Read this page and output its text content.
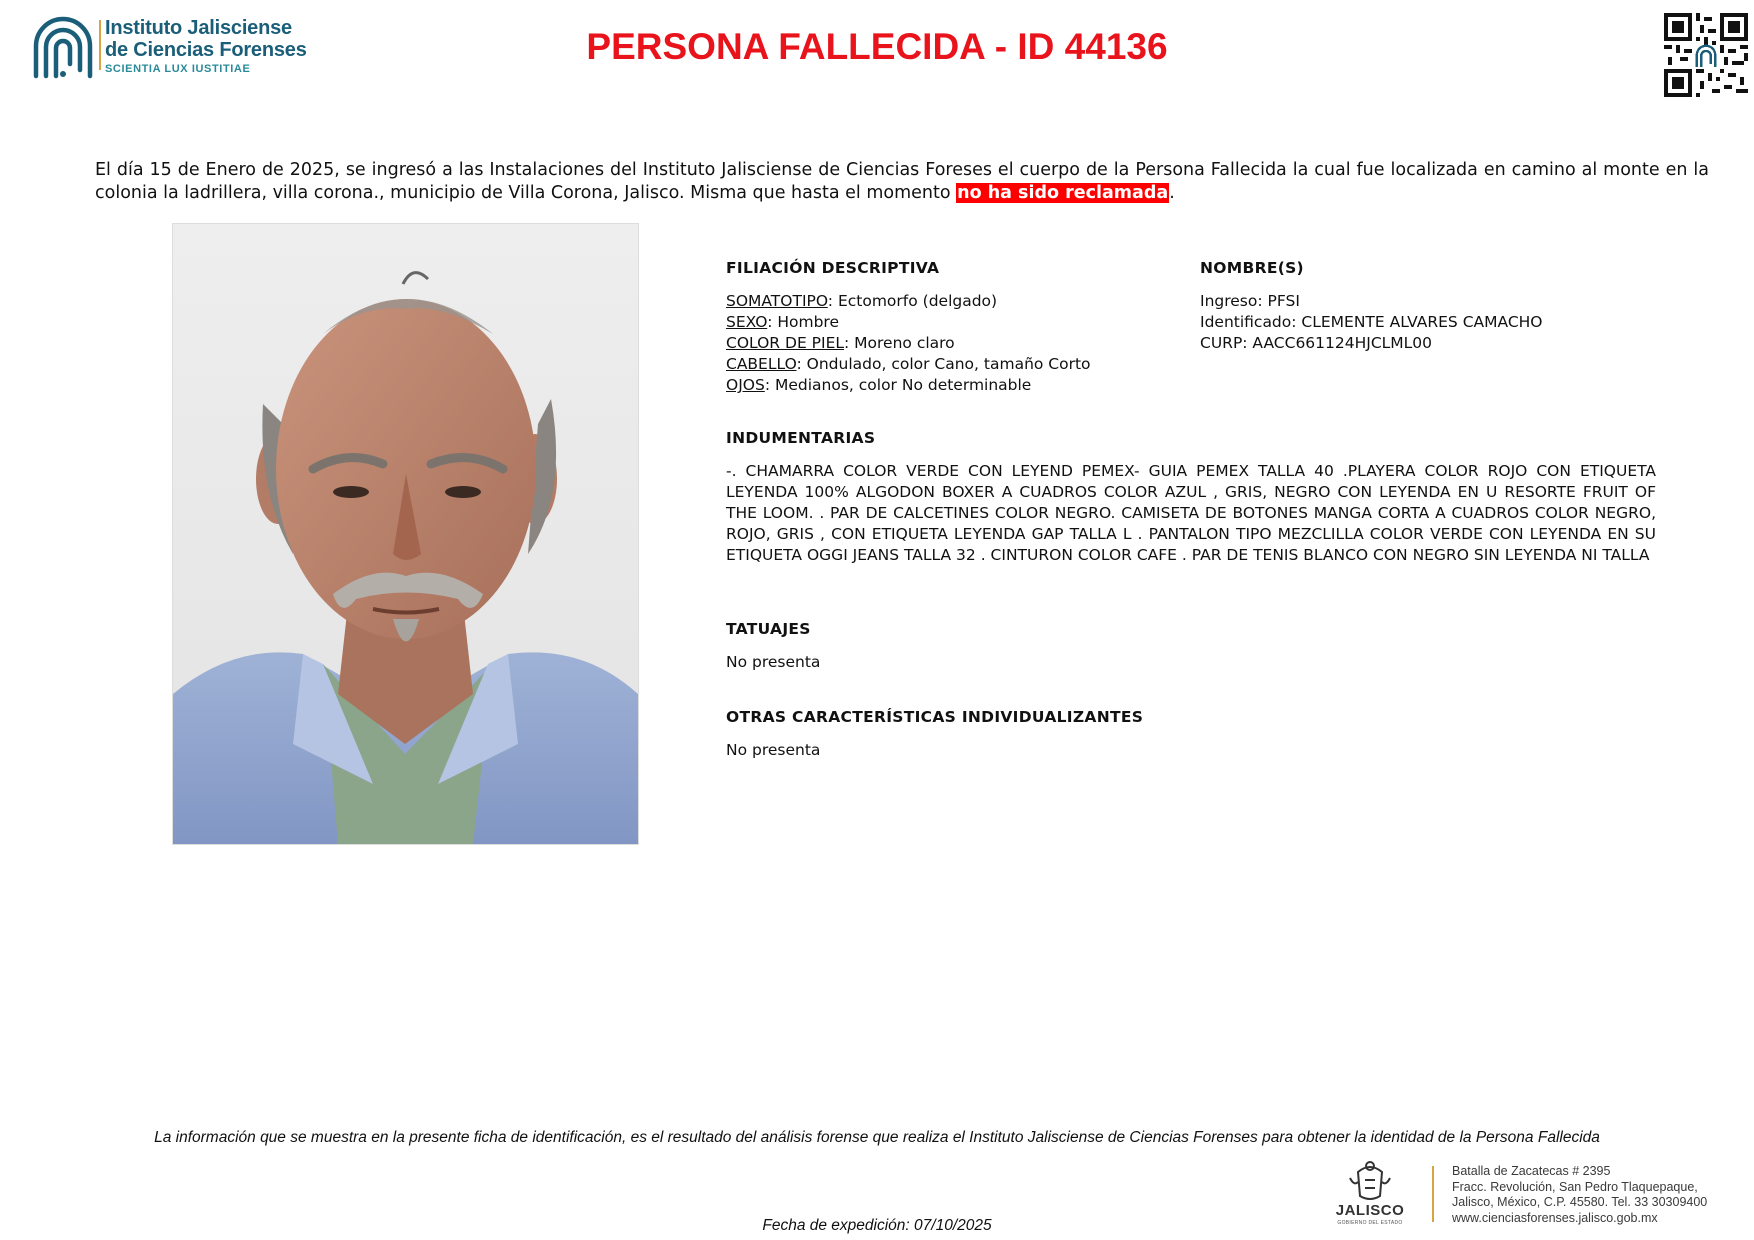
Instituto Jalisciense
de Ciencias Forenses
SCIENTIA LUX IUSTITIAE
PERSONA FALLECIDA - ID 44136
El día 15 de Enero de 2025, se ingresó a las Instalaciones del Instituto Jalisciense de Ciencias Foreses el cuerpo de la Persona Fallecida la cual fue localizada en camino al monte en la colonia la ladrillera, villa corona., municipio de Villa Corona, Jalisco. Misma que hasta el momento no ha sido reclamada.
FILIACIÓN DESCRIPTIVA
SOMATOTIPO: Ectomorfo (delgado)
SEXO: Hombre
COLOR DE PIEL: Moreno claro
CABELLO: Ondulado, color Cano, tamaño Corto
OJOS: Medianos, color No determinable
NOMBRE(S)
Ingreso: PFSI
Identificado: CLEMENTE ALVARES CAMACHO
CURP: AACC661124HJCLML00
INDUMENTARIAS
-. CHAMARRA COLOR VERDE CON LEYEND PEMEX- GUIA PEMEX TALLA 40 .PLAYERA COLOR ROJO CON ETIQUETA LEYENDA 100% ALGODON BOXER A CUADROS COLOR AZUL , GRIS, NEGRO CON LEYENDA EN U RESORTE FRUIT OF THE LOOM. . PAR DE CALCETINES COLOR NEGRO. CAMISETA DE BOTONES MANGA CORTA A CUADROS COLOR NEGRO, ROJO, GRIS , CON ETIQUETA LEYENDA GAP TALLA L . PANTALON TIPO MEZCLILLA COLOR VERDE CON LEYENDA EN SU ETIQUETA OGGI JEANS TALLA 32 . CINTURON COLOR CAFE . PAR DE TENIS BLANCO CON NEGRO SIN LEYENDA NI TALLA
TATUAJES
No presenta
OTRAS CARACTERÍSTICAS INDIVIDUALIZANTES
No presenta
La información que se muestra en la presente ficha de identificación, es el resultado del análisis forense que realiza el Instituto Jalisciense de Ciencias Forenses para obtener la identidad de la Persona Fallecida
Fecha de expedición: 07/10/2025
JALISCO
GOBIERNO DEL ESTADO
Batalla de Zacatecas # 2395
Fracc. Revolución, San Pedro Tlaquepaque,
Jalisco, México, C.P. 45580. Tel. 33 30309400
www.cienciasforenses.jalisco.gob.mx
